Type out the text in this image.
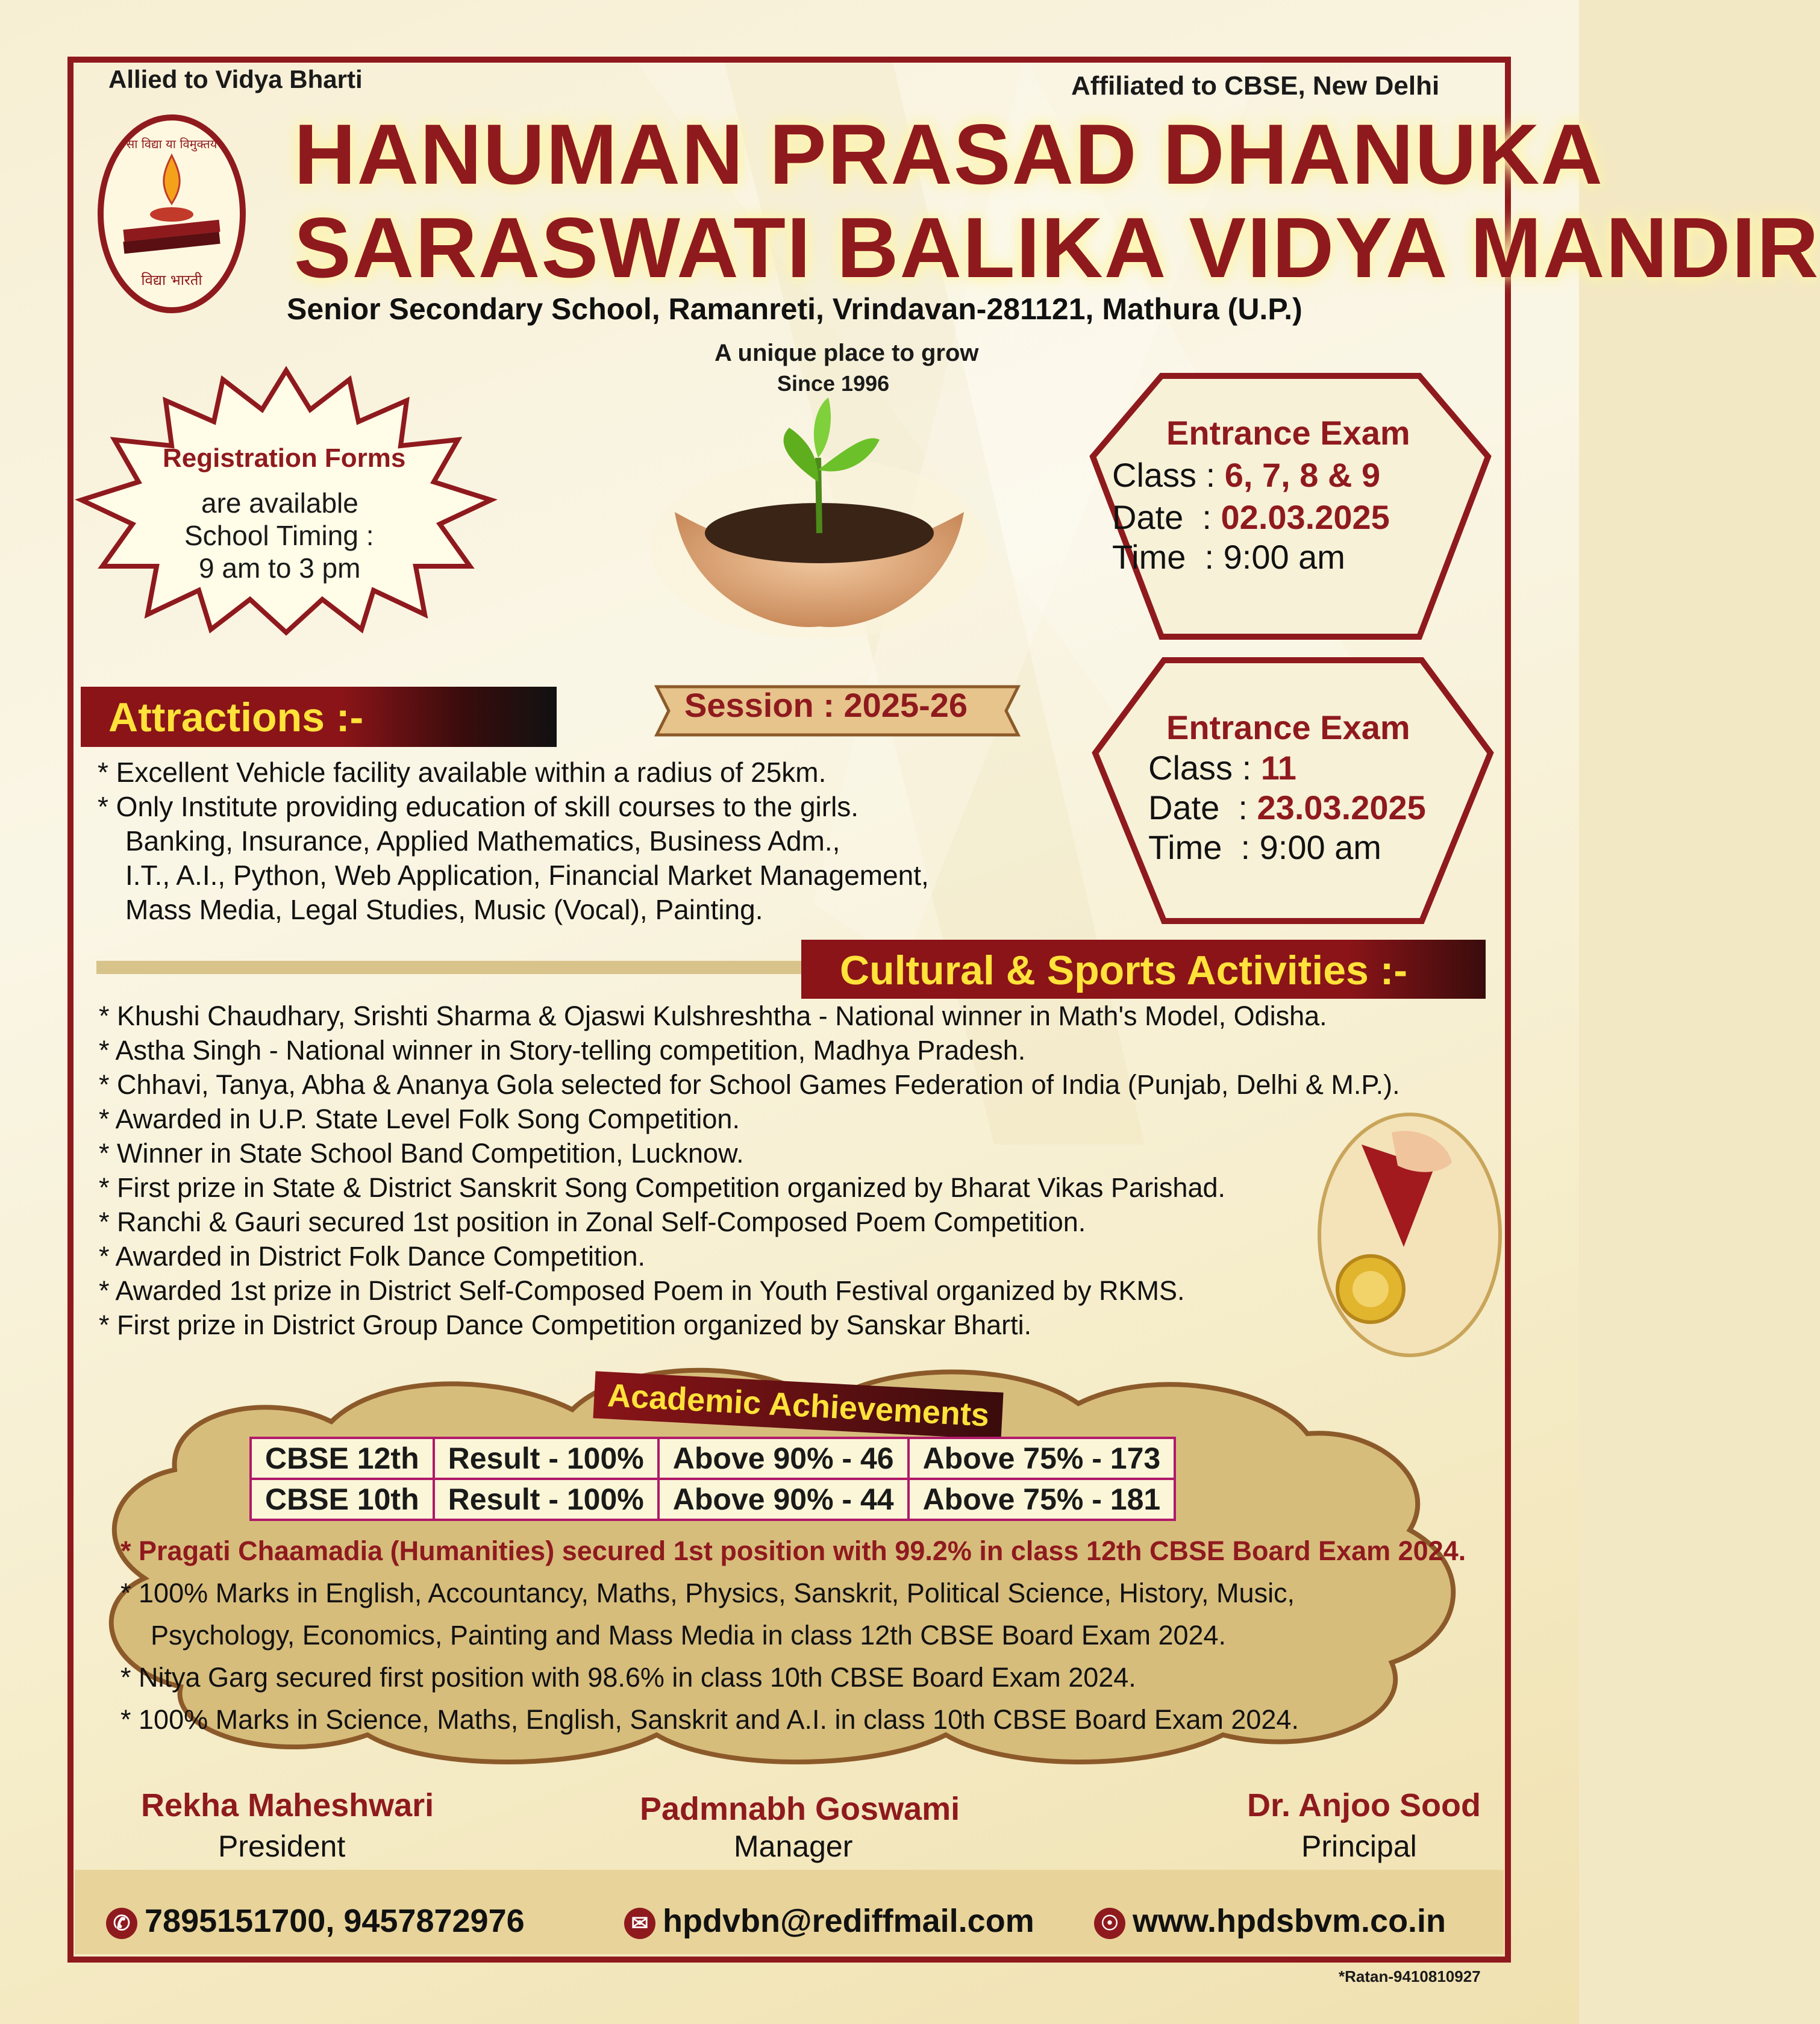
Allied to Vidya Bharti	Affiliated to CBSE, New Delhi
सा विद्या या विमुक्तये
विद्या भारती
HANUMAN PRASAD DHANUKA
SARASWATI BALIKA VIDYA MANDIR
Senior Secondary School, Ramanreti, Vrindavan-281121, Mathura (U.P.)
A unique place to grow
Since 1996
Registration Forms
are available
School Timing :
9 am to 3 pm
Session : 2025-26
Entrance Exam
Class : 6, 7, 8 & 9
Date  : 02.03.2025
Time  : 9:00 am
Entrance Exam
Class : 11
Date  : 23.03.2025
Time  : 9:00 am
Attractions :-
* Excellent Vehicle facility available within a radius of 25km.
* Only Institute providing education of skill courses to the girls.
Banking, Insurance, Applied Mathematics, Business Adm.,
I.T., A.I., Python, Web Application, Financial Market Management,
Mass Media, Legal Studies, Music (Vocal), Painting.
Cultural & Sports Activities :-
* Khushi Chaudhary, Srishti Sharma & Ojaswi Kulshreshtha - National winner in Math's Model, Odisha.
* Astha Singh - National winner in Story-telling competition, Madhya Pradesh.
* Chhavi, Tanya, Abha & Ananya Gola selected for School Games Federation of India (Punjab, Delhi & M.P.).
* Awarded in U.P. State Level Folk Song Competition.
* Winner in State School Band Competition, Lucknow.
* First prize in State & District Sanskrit Song Competition organized by Bharat Vikas Parishad.
* Ranchi & Gauri secured 1st position in Zonal Self-Composed Poem Competition.
* Awarded in District Folk Dance Competition.
* Awarded 1st prize in District Self-Composed Poem in Youth Festival organized by RKMS.
* First prize in District Group Dance Competition organized by Sanskar Bharti.
Academic Achievements
CBSE 12th	Result - 100%	Above 90% - 46	Above 75% - 173
CBSE 10th	Result - 100%	Above 90% - 44	Above 75% - 181
* Pragati Chaamadia (Humanities) secured 1st position with 99.2% in class 12th CBSE Board Exam 2024.
* 100% Marks in English, Accountancy, Maths, Physics, Sanskrit, Political Science, History, Music,
Psychology, Economics, Painting and Mass Media in class 12th CBSE Board Exam 2024.
* Nitya Garg secured first position with 98.6% in class 10th CBSE Board Exam 2024.
* 100% Marks in Science, Maths, English, Sanskrit and A.I. in class 10th CBSE Board Exam 2024.
Rekha Maheshwari
President
Padmnabh Goswami
Manager
Dr. Anjoo Sood
Principal
✆ 7895151700, 9457872976	✉ hpdvbn@rediffmail.com	☉ www.hpdsbvm.co.in
*Ratan-9410810927
